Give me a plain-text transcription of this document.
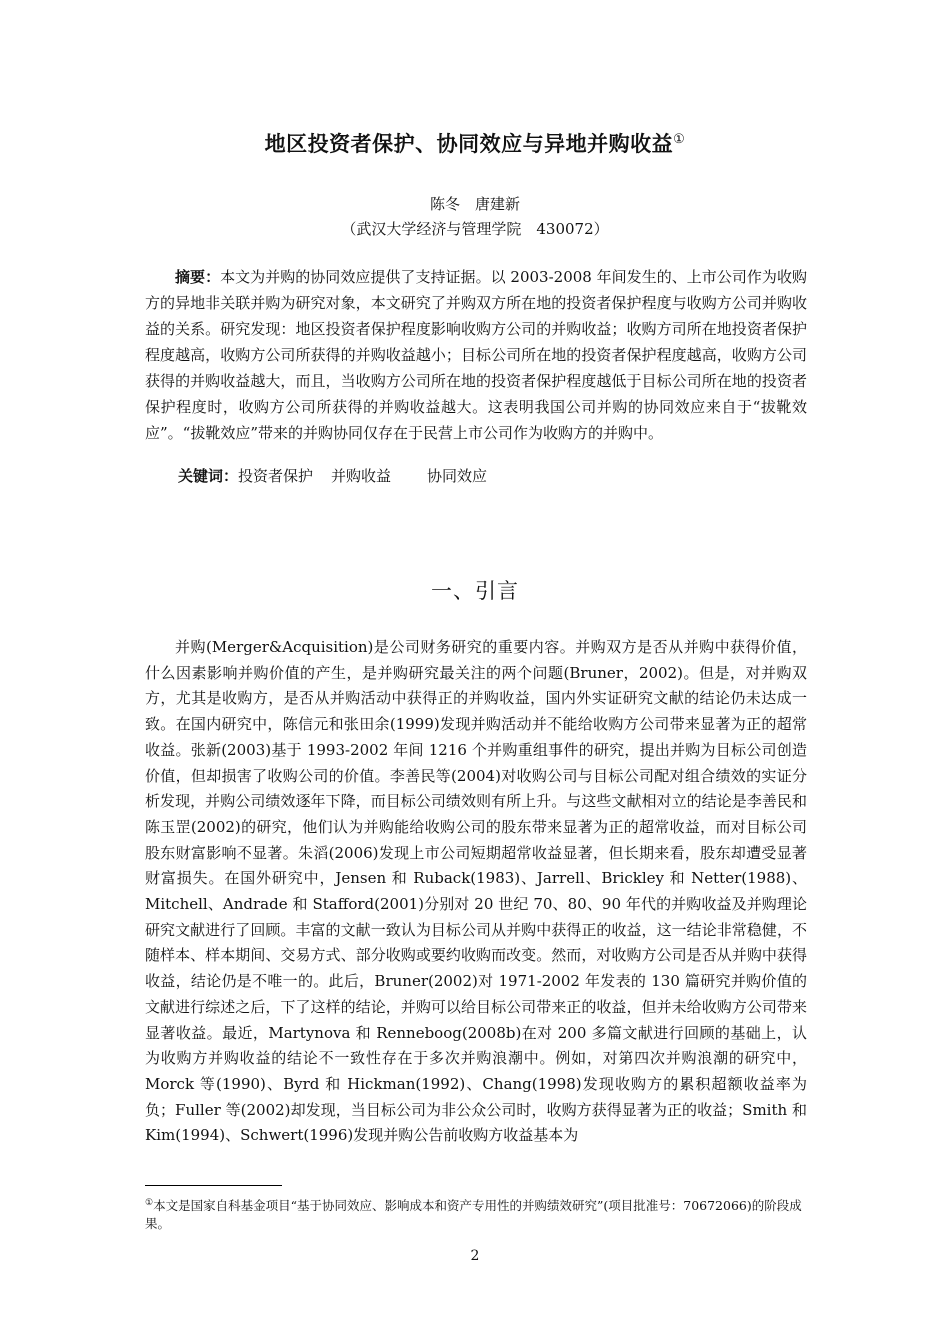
地区投资者保护、协同效应与异地并购收益①
陈冬　唐建新
（武汉大学经济与管理学院　430072）
摘要：本文为并购的协同效应提供了支持证据。以 2003-2008 年间发生的、上市公司作为收购方的异地非关联并购为研究对象，本文研究了并购双方所在地的投资者保护程度与收购方公司并购收益的关系。研究发现：地区投资者保护程度影响收购方公司的并购收益；收购方司所在地投资者保护程度越高，收购方公司所获得的并购收益越小；目标公司所在地的投资者保护程度越高，收购方公司获得的并购收益越大，而且，当收购方公司所在地的投资者保护程度越低于目标公司所在地的投资者保护程度时，收购方公司所获得的并购收益越大。这表明我国公司并购的协同效应来自于“拔靴效应”。“拔靴效应”带来的并购协同仅存在于民营上市公司作为收购方的并购中。
关键词：投资者保护 并购收益 协同效应
一、引言
并购(Merger&Acquisition)是公司财务研究的重要内容。并购双方是否从并购中获得价值，什么因素影响并购价值的产生，是并购研究最关注的两个问题(Bruner，2002)。但是，对并购双方，尤其是收购方，是否从并购活动中获得正的并购收益，国内外实证研究文献的结论仍未达成一致。在国内研究中，陈信元和张田余(1999)发现并购活动并不能给收购方公司带来显著为正的超常收益。张新(2003)基于 1993-2002 年间 1216 个并购重组事件的研究，提出并购为目标公司创造价值，但却损害了收购公司的价值。李善民等(2004)对收购公司与目标公司配对组合绩效的实证分析发现，并购公司绩效逐年下降，而目标公司绩效则有所上升。与这些文献相对立的结论是李善民和陈玉罡(2002)的研究，他们认为并购能给收购公司的股东带来显著为正的超常收益，而对目标公司股东财富影响不显著。朱滔(2006)发现上市公司短期超常收益显著，但长期来看，股东却遭受显著财富损失。在国外研究中，Jensen 和 Ruback(1983)、Jarrell、Brickley 和 Netter(1988)、Mitchell、Andrade 和 Stafford(2001)分别对 20 世纪 70、80、90 年代的并购收益及并购理论研究文献进行了回顾。丰富的文献一致认为目标公司从并购中获得正的收益，这一结论非常稳健，不随样本、样本期间、交易方式、部分收购或要约收购而改变。然而，对收购方公司是否从并购中获得收益，结论仍是不唯一的。此后，Bruner(2002)对 1971-2002 年发表的 130 篇研究并购价值的文献进行综述之后，下了这样的结论，并购可以给目标公司带来正的收益，但并未给收购方公司带来显著收益。最近，Martynova 和 Renneboog(2008b)在对 200 多篇文献进行回顾的基础上，认为收购方并购收益的结论不一致性存在于多次并购浪潮中。例如，对第四次并购浪潮的研究中，Morck 等(1990)、Byrd 和 Hickman(1992)、Chang(1998)发现收购方的累积超额收益率为负；Fuller 等(2002)却发现，当目标公司为非公众公司时，收购方获得显著为正的收益；Smith 和 Kim(1994)、Schwert(1996)发现并购公告前收购方收益基本为
①本文是国家自科基金项目“基于协同效应、影响成本和资产专用性的并购绩效研究”(项目批准号：70672066)的阶段成果。
2
